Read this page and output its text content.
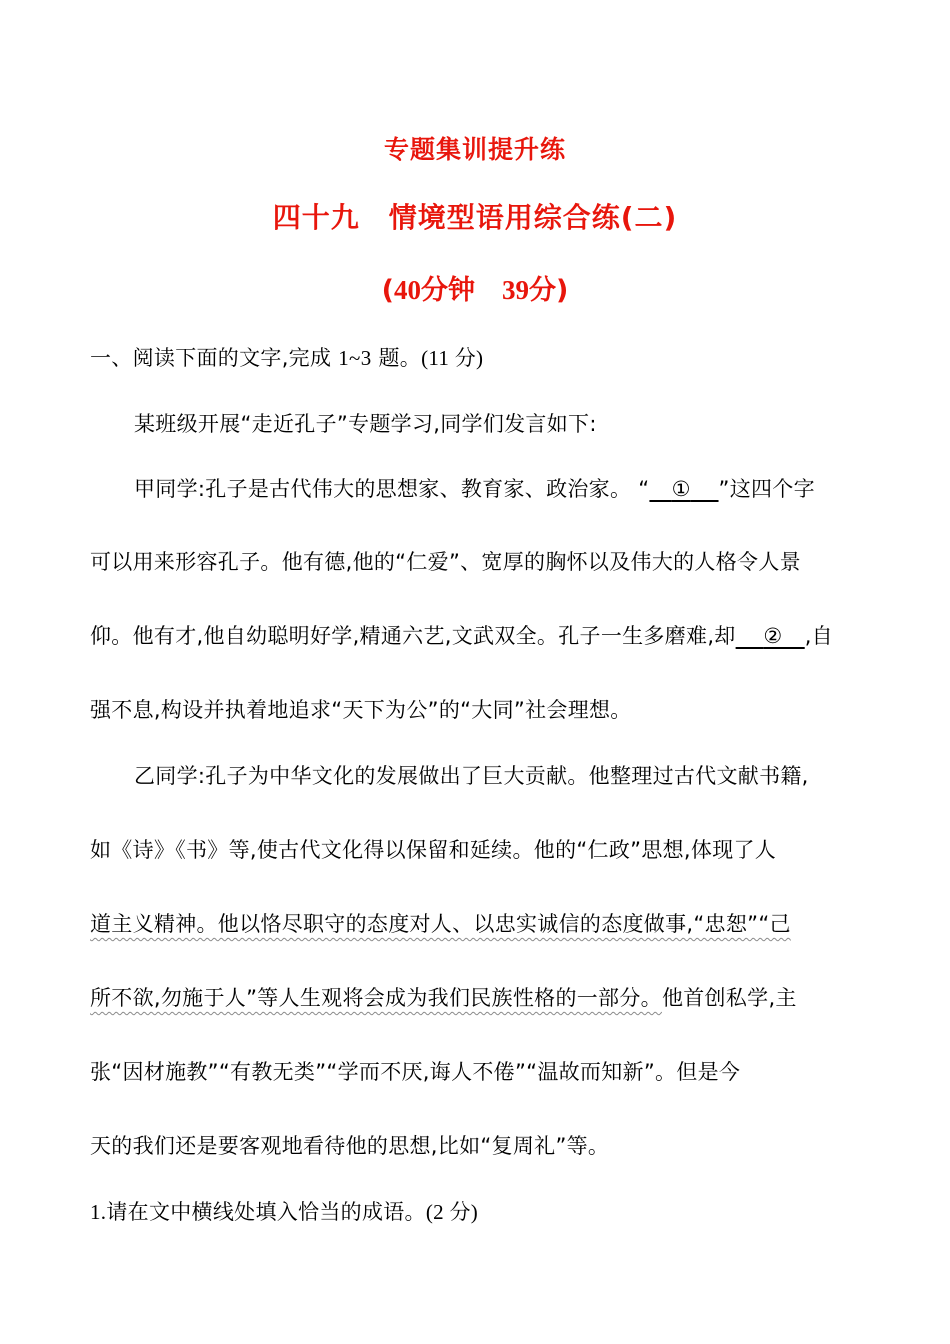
专题集训提升练
四十九　情境型语用综合练(二)
(40分钟　 39分)
一、阅读下面的文字,完成 1~3 题。(11 分)
某班级开展“走近孔子”专题学习,同学们发言如下:
甲同学:孔子是古代伟大的思想家、教育家、政治家。 “ ① ”这四个字
可以用来形容孔子。他有德,他的“仁爱”、宽厚的胸怀以及伟大的人格令人景
仰。他有才,他自幼聪明好学,精通六艺,文武双全。孔子一生多磨难,却 ② ,自
强不息,构设并执着地追求“天下为公”的“大同”社会理想。
乙同学:孔子为中华文化的发展做出了巨大贡献。他整理过古代文献书籍,
如《诗》《书》等,使古代文化得以保留和延续。他的“仁政”思想,体现了人
道主义精神。他以恪尽职守的态度对人、以忠实诚信的态度做事,“忠恕”“己
所不欲,勿施于人”等人生观将会成为我们民族性格的一部分。他首创私学,主
张“因材施教”“有教无类”“学而不厌,诲人不倦”“温故而知新”。但是今
天的我们还是要客观地看待他的思想,比如“复周礼”等。
1.请在文中横线处填入恰当的成语。(2 分)
